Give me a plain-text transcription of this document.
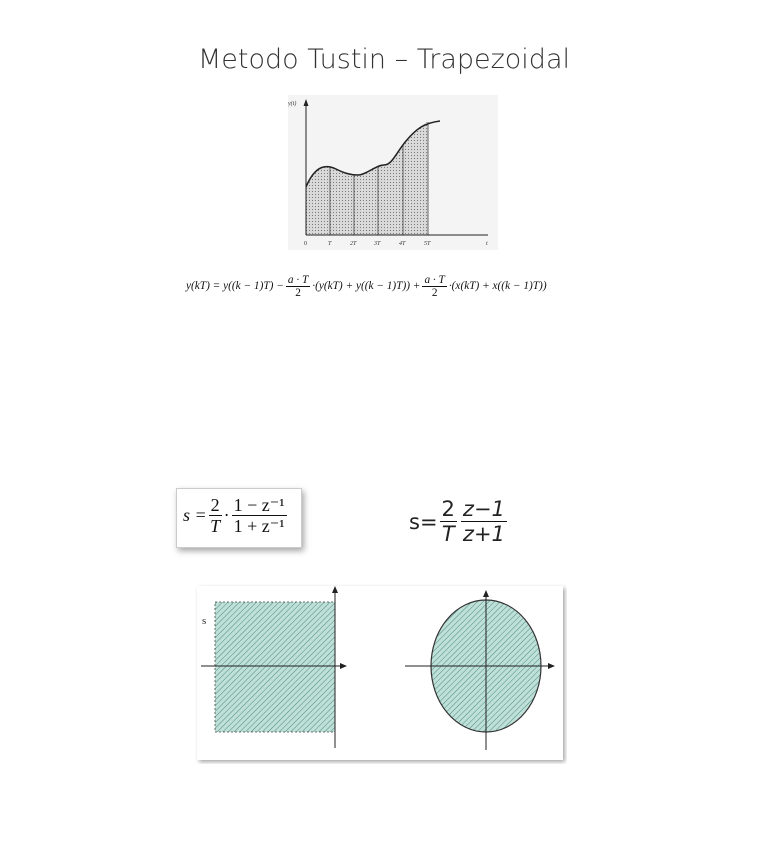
Metodo Tustin – Trapezoidal
y(t)
t
0	T	2T	3T	4T	5T
$y(kT) = y((k - 1)T) - \frac{a \cdot T}{2} \cdot(y(kT) + y((k - 1)T)) + \frac{a \cdot T}{2} \cdot(x(kT) + x((k - 1)T))$
$s = \frac{2}{T} \cdot \frac{\text{1 − z⁻¹}}{\text{1 + z⁻¹}}$	$s= \frac{2}{T} \frac{z-1}{z+1}$
s
